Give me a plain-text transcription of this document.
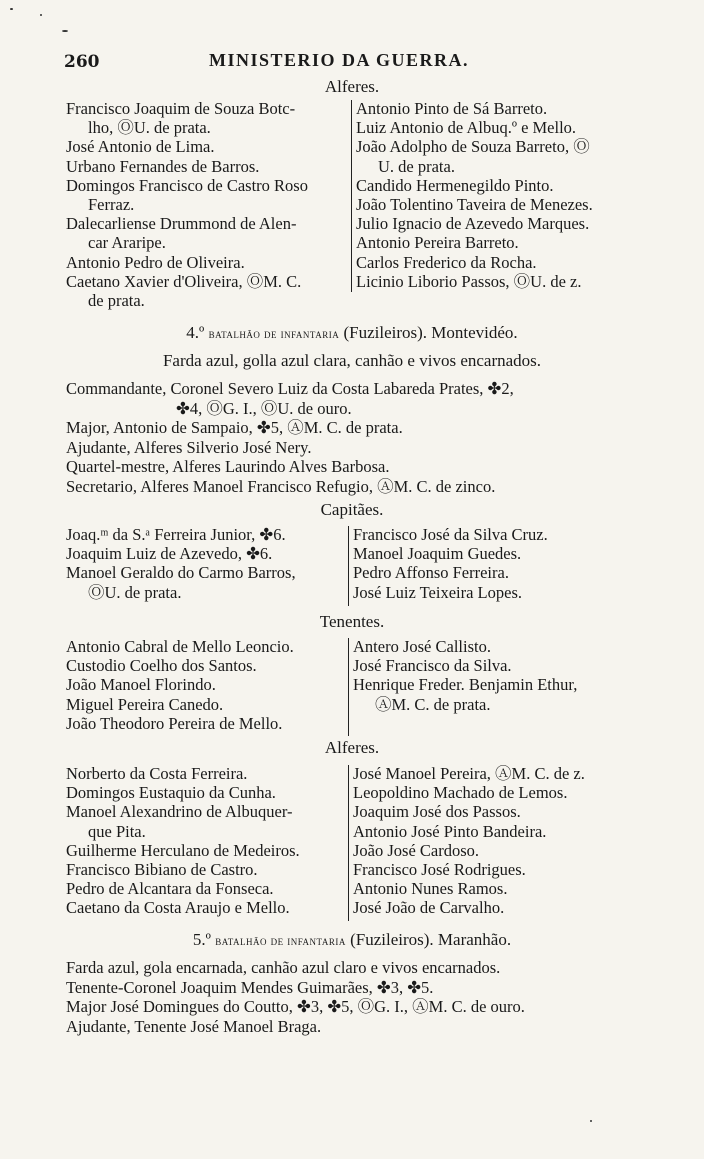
260	MINISTERIO DA GUERRA.
Alferes.
Francisco Joaquim de Souza Botc-
lho, ⓄU. de prata.
José Antonio de Lima.
Urbano Fernandes de Barros.
Domingos Francisco de Castro Roso
Ferraz.
Dalecarliense Drummond de Alen-
car Araripe.
Antonio Pedro de Oliveira.
Caetano Xavier d'Oliveira, ⓄM. C.
de prata.
Antonio Pinto de Sá Barreto.
Luiz Antonio de Albuq.º e Mello.
João Adolpho de Souza Barreto, Ⓞ
U. de prata.
Candido Hermenegildo Pinto.
João Tolentino Taveira de Menezes.
Julio Ignacio de Azevedo Marques.
Antonio Pereira Barreto.
Carlos Frederico da Rocha.
Licinio Liborio Passos, ⓄU. de z.
4.º batalhão de infantaria (Fuzileiros). Montevidéo.
Farda azul, golla azul clara, canhão e vivos encarnados.
Commandante, Coronel Severo Luiz da Costa Labareda Prates, ✤2,
✤4, ⓄG. I., ⓄU. de ouro.
Major, Antonio de Sampaio, ✤5, ⒶM. C. de prata.
Ajudante, Alferes Silverio José Nery.
Quartel-mestre, Alferes Laurindo Alves Barbosa.
Secretario, Alferes Manoel Francisco Refugio, ⒶM. C. de zinco.
Capitães.
Joaq.ᵐ da S.ᵃ Ferreira Junior, ✤6.
Joaquim Luiz de Azevedo, ✤6.
Manoel Geraldo do Carmo Barros,
ⓄU. de prata.
Francisco José da Silva Cruz.
Manoel Joaquim Guedes.
Pedro Affonso Ferreira.
José Luiz Teixeira Lopes.
Tenentes.
Antonio Cabral de Mello Leoncio.
Custodio Coelho dos Santos.
João Manoel Florindo.
Miguel Pereira Canedo.
João Theodoro Pereira de Mello.
Antero José Callisto.
José Francisco da Silva.
Henrique Freder. Benjamin Ethur,
ⒶM. C. de prata.
Alferes.
Norberto da Costa Ferreira.
Domingos Eustaquio da Cunha.
Manoel Alexandrino de Albuquer-
que Pita.
Guilherme Herculano de Medeiros.
Francisco Bibiano de Castro.
Pedro de Alcantara da Fonseca.
Caetano da Costa Araujo e Mello.
José Manoel Pereira, ⒶM. C. de z.
Leopoldino Machado de Lemos.
Joaquim José dos Passos.
Antonio José Pinto Bandeira.
João José Cardoso.
Francisco José Rodrigues.
Antonio Nunes Ramos.
José João de Carvalho.
5.º batalhão de infantaria (Fuzileiros). Maranhão.
Farda azul, gola encarnada, canhão azul claro e vivos encarnados.
Tenente-Coronel Joaquim Mendes Guimarães, ✤3, ✤5.
Major José Domingues do Coutto, ✤3, ✤5, ⓄG. I., ⒶM. C. de ouro.
Ajudante, Tenente José Manoel Braga.
